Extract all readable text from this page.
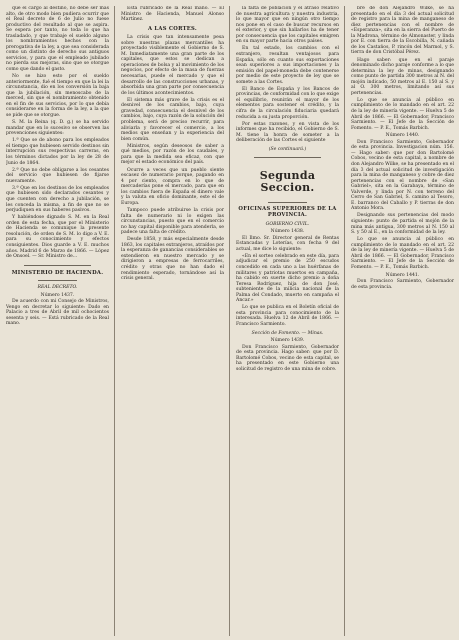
que el cargo al destino, no debe ser más alto, de otro modo bien pudiera ocurrir que el Real decreto de 6 de Julio no fuese productivo del resultado al que se aspira. Se espera por tanto, no toda lo que ha trasladado, y que trabaje el sueldo alguno los nombramientos hechos con la prerogativa de la ley, a que sea considerada como un distinto de derecho sus antiguos servicios, y para que el empleado jubilado no pierda sus mejoras, sino que se otorgue como que dando el gasto.

No se hizo esto por el sueldo anteriormente, fué el tiempo en que la lei la circunstancia, dio en los conversión la baja que la jubilación, sin menoscabo de la merced, sin que el nombramiento obtenido en el fin de sus servicios, por lo que debía considerarse en la forma de la ley, a la que se pide que se otorgue.

S. M. la Reina (q. D. g.) se ha servido mandar que en lo sucesivo se observen las prevenciones siguientes:

1.ª Que se de abono para los empleados el tiempo que hubiesen servido destinos sin interrupción sus respectivas carreras, en los términos dictados por la ley de 28 de Junio de 1864.

2.ª Que no debe obligarse a los cesantes del servicio que hubiesen de fijarse nuevamente.

3.ª Que en los destinos de los empleados que hubiesen sido declarados cesantes y que cuenten con derecho a jubilación, se les conceda la misma, a fin de que no se perjudiquen en sus haberes pasivos.

Y habiéndose dignado S. M. en la Real orden de esta fecha, que por el Ministerio de Hacienda se comunique la presente resolución, de orden de S. M. lo digo a V. E. para su conocimiento y efectos consiguientes. Dios guarde a V. E. muchos años. Madrid 6 de Marzo de 1866. — López de Onsoel. — Sr. Ministro de...

MINISTERIO DE HACIENDA.
REAL DECRETO.
Número 1437.

De acuerdo con mi Consejo de Ministros, Vengo en decretar lo siguiente: Dado en Palacio a tres de Abril de mil ochocientos sesenta y seis. — Está rubricado de la Real mano.

Está rubricado de la Real mano. — El Ministro de Hacienda, Manuel Alonso Martínez.

A LAS CORTES.

La crisis que tan intensamente pesa sobre nuestras plazas mercantiles ha proyectado visiblemente el Gobierno de S. M. Inmediatamente una gran parte de los capitales, que estos se dedican a operaciones de bolsa y al movimiento de los negocios, por efecto de la masa de fuerzas necesarias, puede el mercado y que el desarrollo de las construcciones urbanas, y absorbida una gran parte por consecuencia de los últimos acontecimientos.

El sistema más grave de la crisis es el desnivel de los cambios, bajo, cuya gravedad, consecuencia el desnivel de los cambios, bajo, cuya razón de la solución del problema, será de preciso recurrir, para aliviarla y favorecer el comercio, a los medios que enseñan y la experiencia del bien común.

Ministros, según deseosos de saber a qué medios, por razón de los caudales, y para que la medida sea eficaz, con que mejor el estado económico del país.

Ocurre a veces que un pueblo siente escasez de numerario porque, pagando en 4 por ciento, compra en lo que de mercaderías pone el mercado, para que en los cambios fuera de España el dinero vale y la valuta en oficio dominante, este el de Europa.

Tampoco puede atribuirse la crisis por falta de numerario ni lo exigen las circunstancias, puesto que en el comercio no hay capital disponible para atenderla, se padece una falta de crédito.

Desde 1858, y más especialmente desde 1863, los capitales extranjeros, atraídos por la esperanza de ganancias considerables se extendieron en nuestro mercado y se dirigieron a empresas de ferrocarriles, crédito y otras que no han dado el rendimiento esperado, tornándose así la crisis general.

la falta de población y el atraso relativo de nuestra agricultura y nuestra industria, lo que mayor que en ningún otro tiempo nos pone en el caso de buscar recursos en el exterior, y que sin hallarlos ha de tener por consecuencia que los capitales emigren en su mayor parte hacia otros países.

En tal estado, los cambios con el extranjero, resultan ventajosos para España, sólo en cuanto sus exportaciones sean superiores a sus importaciones y la emisión del papel-moneda debe contenerse por medio de este proyecto de ley que se somete a las Cortes.

El Banco de España y los Bancos de provincias, de conformidad con lo que exige el equilibrio, reunirán el mayor de los elementos para sostener el crédito, y la cifra de la circulación fiduciaria quedará reducida a su justa proporción.

Por estas razones, y en vista de los informes que ha recibido, el Gobierno de S. M. tiene la honra de someter a la deliberación de las Cortes el siguiente

(Se continuará.)
Segunda Seccion.
OFICINAS SUPERIORES DE LA PROVINCIA.
GOBIERNO CIVIL.
Número 1438.

El Ilmo. Sr. Director general de Rentas Estancadas y Loterías, con fecha 9 del actual, me dice lo siguiente:

«En el sorteo celebrado en este día, para adjudicar el premio de 250 escudos concedido en cada uno a las huérfanas de militares y patriotas muertos en campaña, ha cabido en suerte dicho premio a doña Teresa Rodríguez, hija de don José, subteniente de la milicia nacional de la Palma del Condado, muerto en campaña el Ancar.»

Lo que se publica en el Boletín oficial de esta provincia para conocimiento de la interesada. Huelva 12 de Abril de 1866. — Francisco Sarmiento.

Sección de Fomento. — Minas.
Número 1439.

Don Francisco Sarmiento, Gobernador de esta provincia. Hago saber: que por D. Bartolomé Cobos, vecino de esta capital, se ha presentado en este Gobierno una solicitud de registro de una mina de cobre.

bre de don Alejandro Wilke, se ha presentado en el día 3 del actual solicitud de registro para la mina de manganeso de diez pertenencias con el nombre de «Esperanza», sita en la sierra del Puerto de la Madrona, término de Almonaster, y linda por E. con tierra de la Escobilla, N. cañada de los Castaños, P. rincón del Marmol, y S. tierra de don Cristóbal Pérez.

Hago saber: que en el paraje denominado dicho paraje conforme a lo que determina la ley de minas, designando como punto de partida 300 metros al N. del mojón indicado, 50 metros al E. 150 al S. y al O. 300 metros, limitando así sus pertenencias.

Lo que se anuncia al público en cumplimiento de lo mandado en el art. 22 de la ley de minería vigente. — Huelva 5 de Abril de 1866. — El Gobernador, Francisco Sarmiento. — El Jefe de la Sección de Fomento. — P. E., Tomás Barbich.

Número 1440.

Don Francisco Sarmiento, Gobernador de esta provincia. Investigacion núm. 156. — Hago saber: que por don Bartolomé Cobos, vecino de esta capital, a nombre de don Alejandro Wilke, se ha presentado en el día 3 del actual solicitud de investigación para la mina de manganeso y cobre de diez pertenencias con el nombre de «San Gabriel», sita en la Garabaya, término de Valverde, y linda por N. con terreno del Cerro de San Gabriel, S. camino al Tesoro, E. barranco del Caballo y P. tierras de don Antonio Mora.

Designando sus pertenencias del modo siguiente: punto de partida el mojón de la mina más antigua, 300 metros al N. 150 al S. y 50 al E., en la conformidad de la ley.

Lo que se anuncia al público en cumplimiento de lo mandado en el art. 22 de la ley de minería vigente. — Huelva 5 de Abril de 1866. — El Gobernador, Francisco Sarmiento. — El Jefe de la Sección de Fomento. — P. E., Tomás Barbich.

Número 1441.

Don Francisco Sarmiento, Gobernador de esta provincia.
